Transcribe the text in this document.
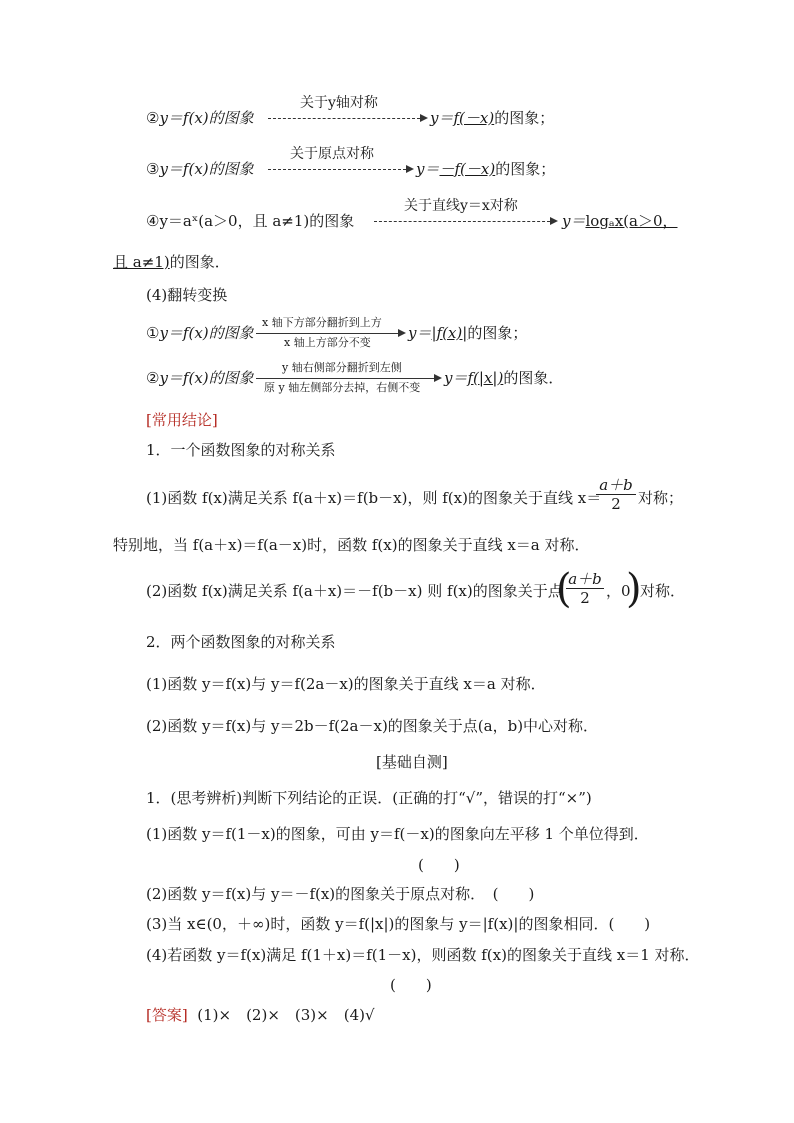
②y＝f(x)的图象
关于y轴对称
y＝f(－x)的图象；
③y＝f(x)的图象
关于原点对称
y＝－f(－x)的图象；
④y＝aˣ(a＞0，且 a≠1)的图象
关于直线y＝x对称
y＝logₐx(a＞0，
且 a≠1)的图象．
(4)翻转变换
①y＝f(x)的图象
x 轴下方部分翻折到上方
x 轴上方部分不变
y＝|f(x)|的图象；
②y＝f(x)的图象
y 轴右侧部分翻折到左侧
原 y 轴左侧部分去掉，右侧不变
y＝f(|x|)的图象．
[常用结论]
1．一个函数图象的对称关系
(1)函数 f(x)满足关系 f(a＋x)＝f(b－x)，则 f(x)的图象关于直线 x＝
$\frac{a+b}{2}$ 对称；
特别地，当 f(a＋x)＝f(a－x)时，函数 f(x)的图象关于直线 x＝a 对称．
(2)函数 f(x)满足关系 f(a＋x)＝－f(b－x) 则 f(x)的图象关于点
(
$\frac{a+b}{2}$ ，0
)
对称．
2．两个函数图象的对称关系
(1)函数 y＝f(x)与 y＝f(2a－x)的图象关于直线 x＝a 对称．
(2)函数 y＝f(x)与 y＝2b－f(2a－x)的图象关于点(a，b)中心对称．
[基础自测]
1．(思考辨析)判断下列结论的正误．(正确的打“√”，错误的打“×”)
(1)函数 y＝f(1－x)的图象，可由 y＝f(－x)的图象向左平移 1 个单位得到．
(　　)
(2)函数 y＝f(x)与 y＝－f(x)的图象关于原点对称．　(　　)
(3)当 x∈(0，＋∞)时，函数 y＝f(|x|)的图象与 y＝|f(x)|的图象相同．(　　)
(4)若函数 y＝f(x)满足 f(1＋x)＝f(1－x)，则函数 f(x)的图象关于直线 x＝1 对称．
(　　)
[答案] (1)×　(2)×　(3)×　(4)√
